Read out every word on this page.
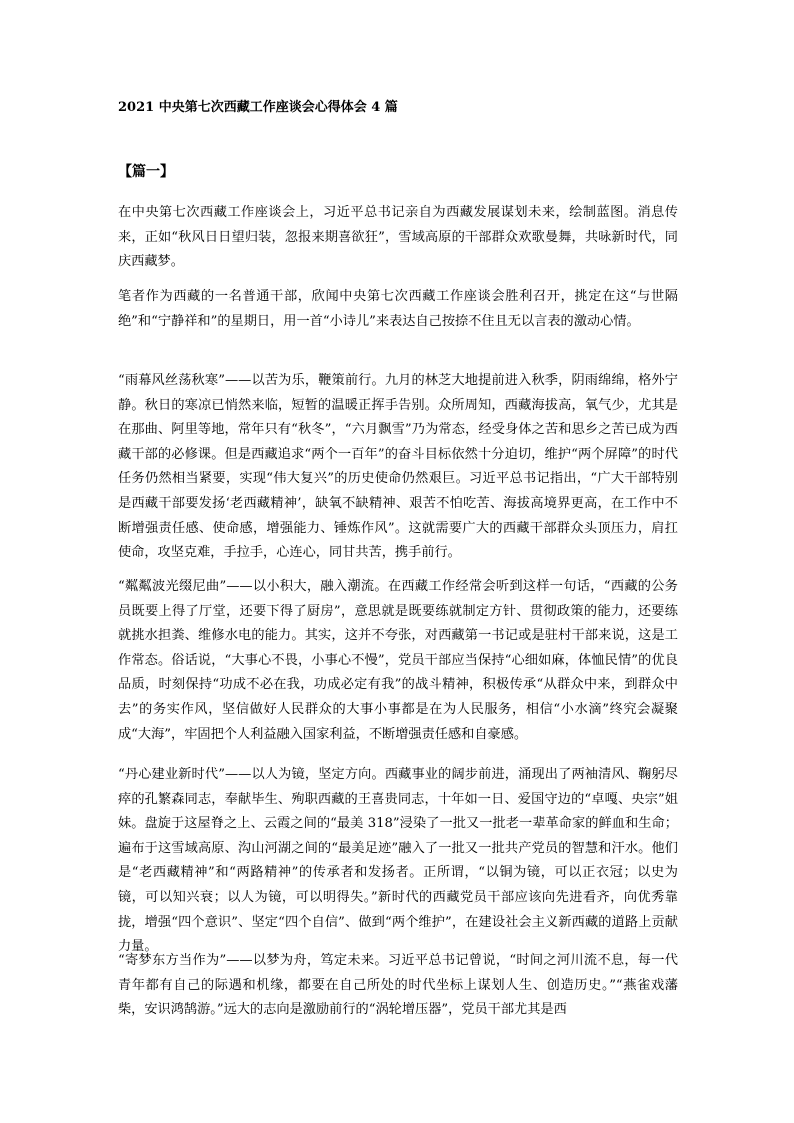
2021 中央第七次西藏工作座谈会心得体会 4 篇
【篇一】

在中央第七次西藏工作座谈会上，习近平总书记亲自为西藏发展谋划未来，绘制蓝图。消息传来，正如“秋风日日望归装，忽报来期喜欲狂”，雪域高原的干部群众欢歌曼舞，共咏新时代，同庆西藏梦。

笔者作为西藏的一名普通干部，欣闻中央第七次西藏工作座谈会胜利召开，挑定在这“与世隔绝”和“宁静祥和”的星期日，用一首“小诗儿”来表达自己按捺不住且无以言表的激动心情。

“雨幕风丝荡秋寒”——以苦为乐，鞭策前行。九月的林芝大地提前进入秋季，阴雨绵绵，格外宁静。秋日的寒凉已悄然来临，短暂的温暖正挥手告别。众所周知，西藏海拔高，氧气少，尤其是在那曲、阿里等地，常年只有“秋冬”，“六月飘雪”乃为常态，经受身体之苦和思乡之苦已成为西藏干部的必修课。但是西藏追求“两个一百年”的奋斗目标依然十分迫切，维护“两个屏障”的时代任务仍然相当紧要，实现“伟大复兴”的历史使命仍然艰巨。习近平总书记指出，“广大干部特别是西藏干部要发扬‘老西藏精神’，缺氧不缺精神、艰苦不怕吃苦、海拔高境界更高，在工作中不断增强责任感、使命感，增强能力、锤炼作风”。这就需要广大的西藏干部群众头顶压力，肩扛使命，攻坚克难，手拉手，心连心，同甘共苦，携手前行。

“粼粼波光缀尼曲”——以小积大，融入潮流。在西藏工作经常会听到这样一句话，“西藏的公务员既要上得了厅堂，还要下得了厨房”，意思就是既要练就制定方针、贯彻政策的能力，还要练就挑水担粪、维修水电的能力。其实，这并不夸张，对西藏第一书记或是驻村干部来说，这是工作常态。俗话说，“大事心不畏，小事心不慢”，党员干部应当保持“心细如麻，体恤民情”的优良品质，时刻保持“功成不必在我，功成必定有我”的战斗精神，积极传承“从群众中来，到群众中去”的务实作风，坚信做好人民群众的大事小事都是在为人民服务，相信“小水滴”终究会凝聚成“大海”，牢固把个人利益融入国家利益，不断增强责任感和自豪感。

“丹心建业新时代”——以人为镜，坚定方向。西藏事业的阔步前进，涌现出了两袖清风、鞠躬尽瘁的孔繁森同志，奉献毕生、殉职西藏的王喜贵同志，十年如一日、爱国守边的“卓嘎、央宗”姐妹。盘旋于这屋脊之上、云霞之间的“最美 318”浸染了一批又一批老一辈革命家的鲜血和生命；遍布于这雪域高原、沟山河湖之间的“最美足迹”融入了一批又一批共产党员的智慧和汗水。他们是“老西藏精神”和“两路精神”的传承者和发扬者。正所谓，“以铜为镜，可以正衣冠；以史为镜，可以知兴衰；以人为镜，可以明得失。”新时代的西藏党员干部应该向先进看齐，向优秀靠拢，增强“四个意识”、坚定“四个自信”、做到“两个维护”，在建设社会主义新西藏的道路上贡献力量。

“寄梦东方当作为”——以梦为舟，笃定未来。习近平总书记曾说，“时间之河川流不息，每一代青年都有自己的际遇和机缘，都要在自己所处的时代坐标上谋划人生、创造历史。”“燕雀戏藩柴，安识鸿鹄游。”远大的志向是激励前行的“涡轮增压器”，党员干部尤其是西
